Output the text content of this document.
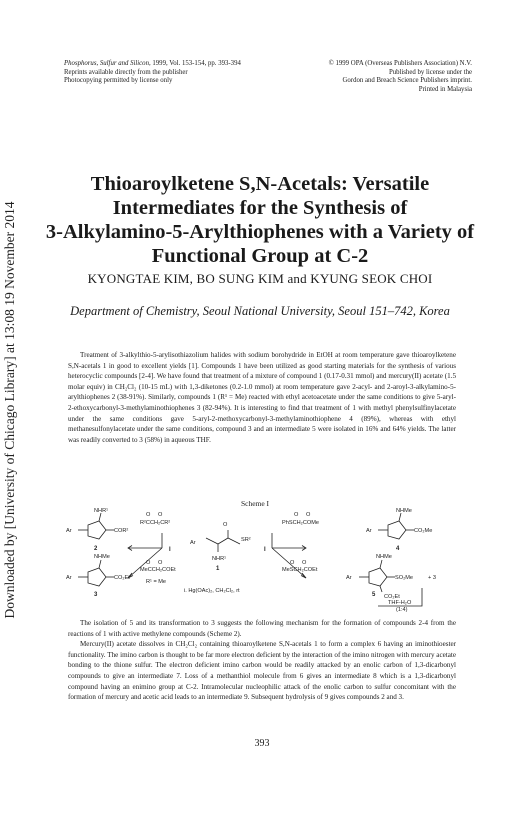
Downloaded by [University of Chicago Library] at 13:08 19 November 2014
Phosphorus, Sulfur and Silicon, 1999, Vol. 153-154, pp. 393-394
Reprints available directly from the publisher
Photocopying permitted by license only
© 1999 OPA (Overseas Publishers Association) N.V.
Published by license under the
Gordon and Breach Science Publishers imprint.
Printed in Malaysia
Thioaroylketene S,N-Acetals: Versatile
Intermediates for the Synthesis of
3-Alkylamino-5-Arylthiophenes with a Variety of
Functional Group at C-2
KYONGTAE KIM, BO SUNG KIM and KYUNG SEOK CHOI
Department of Chemistry, Seoul National University, Seoul 151–742, Korea
Treatment of 3-alkylthio-5-arylisothiazolium halides with sodium borohydride in EtOH at room temperature gave thioaroylketene S,N-acetals 1 in good to excellent yields [1]. Compounds 1 have been utilized as good starting materials for the synthesis of various heterocyclic compounds [2-4]. We have found that treatment of a mixture of compound 1 (0.17-0.31 mmol) and mercury(II) acetate (1.5 molar equiv) in CH₂Cl₂ (10-15 mL) with 1,3-diketones (0.2-1.0 mmol) at room temperature gave 2-acyl- and 2-aroyl-3-alkylamino-5-arylthiophenes 2 (38-91%). Similarly, compounds 1 (R¹ = Me) reacted with ethyl acetoacetate under the same conditions to give 5-aryl-2-ethoxycarbonyl-3-methylaminothiophenes 3 (82-94%). It is interesting to find that treatment of 1 with methyl phenylsulfinylacetate under the same conditions gave 5-aryl-2-methoxycarbonyl-3-methylaminothiophene 4 (89%), whereas with ethyl methanesulfonylacetate under the same conditions, compound 3 and an intermediate 5 were isolated in 16% and 64% yields. The latter was readily converted to 3 (58%) in aqueous THF.
Scheme I
NHR¹
O O
R²CCH₂CR²
Ar	COR²
2
NHMe
O O
MeCCH₂COEt
R¹ = Me
Ar	CO₂Et
3
I
Ar	SR²
O
NHR¹
1
i. Hg(OAc)₂, CH₂Cl₂, rt
I
O O
PhSCH₂COMe
O O
MeSCH₂COEt
NHMe
Ar	CO₂Me
4
NHMe
Ar	SO₂Me	+ 3
CO₂Et
5
THF-H₂O
(1:4)

The isolation of 5 and its transformation to 3 suggests the following mechanism for the formation of compounds 2-4 from the reactions of 1 with active methylene compounds (Scheme 2).

Mercury(II) acetate dissolves in CH₂Cl₂ containing thioaroylketene S,N-acetals 1 to form a complex 6 having an iminothioester functionality. The imino carbon is thought to be far more electron deficient by the interaction of the imino nitrogen with mercury acetate bonding to the thione sulfur. The electron deficient imino carbon would be readily attacked by an enolic carbon of 1,3-dicarbonyl compounds to give an intermediate 7. Loss of a methanthiol molecule from 6 gives an intermediate 8 which is a 1,3-dicarbonyl compound having an enimino group at C-2. Intramolecular nucleophilic attack of the enolic carbon to sulfur concomitant with the formation of mercury and acetic acid leads to an intermediate 9. Subsequent hydrolysis of 9 gives compounds 2 and 3.

393
